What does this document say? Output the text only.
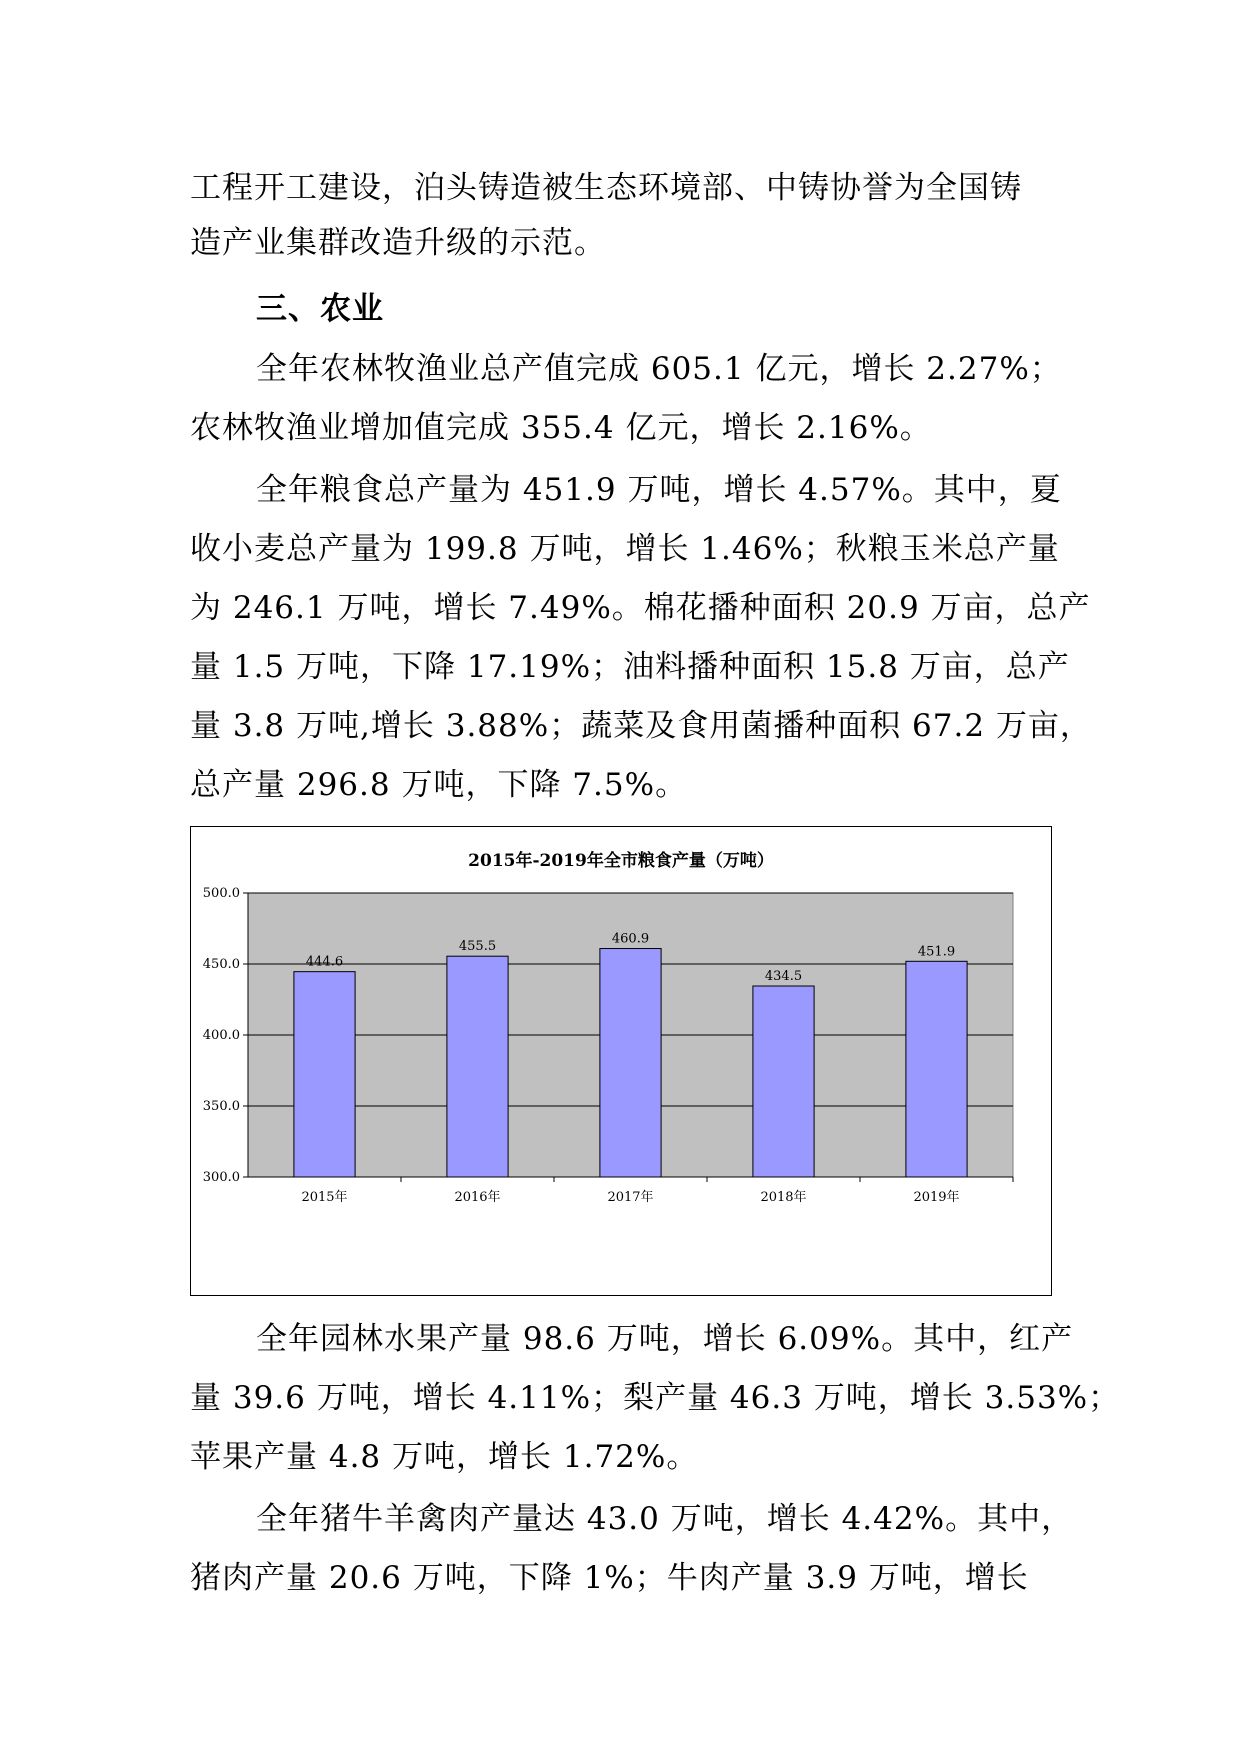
工程开工建设，泊头铸造被生态环境部、中铸协誉为全国铸
造产业集群改造升级的示范。
三、农业
全年农林牧渔业总产值完成 605.1 亿元，增长 2.27%；
农林牧渔业增加值完成 355.4 亿元，增长 2.16%。
全年粮食总产量为 451.9 万吨，增长 4.57%。其中，夏
收小麦总产量为 199.8 万吨，增长 1.46%；秋粮玉米总产量
为 246.1 万吨，增长 7.49%。棉花播种面积 20.9 万亩，总产
量 1.5 万吨，下降 17.19%；油料播种面积 15.8 万亩，总产
量 3.8 万吨,增长 3.88%；蔬菜及食用菌播种面积 67.2 万亩，
总产量 296.8 万吨，下降 7.5%。
300.0
350.0
400.0
450.0
500.0
444.6
2015年
455.5
2016年
460.9
2017年
434.5
2018年
451.9
2019年
2015年-2019年全市粮食产量（万吨）
全年园林水果产量 98.6 万吨，增长 6.09%。其中，红产
量 39.6 万吨，增长 4.11%；梨产量 46.3 万吨，增长 3.53%；
苹果产量 4.8 万吨，增长 1.72%。
全年猪牛羊禽肉产量达 43.0 万吨，增长 4.42%。其中，
猪肉产量 20.6 万吨，下降 1%；牛肉产量 3.9 万吨，增长
